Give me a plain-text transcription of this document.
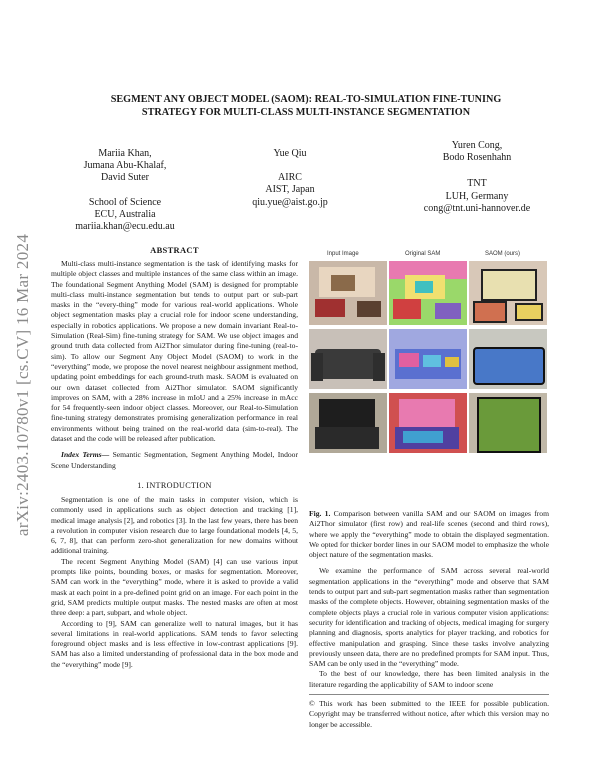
arXiv:2403.10780v1 [cs.CV] 16 Mar 2024
SEGMENT ANY OBJECT MODEL (SAOM): REAL-TO-SIMULATION FINE-TUNING
STRATEGY FOR MULTI-CLASS MULTI-INSTANCE SEGMENTATION
Mariia Khan,
Jumana Abu-Khalaf,
David Suter
School of Science
ECU, Australia
mariia.khan@ecu.edu.au
Yue Qiu
AIRC
AIST, Japan
qiu.yue@aist.go.jp
Yuren Cong,
Bodo Rosenhahn
TNT
LUH, Germany
cong@tnt.uni-hannover.de
ABSTRACT

Multi-class multi-instance segmentation is the task of identifying masks for multiple object classes and multiple instances of the same class within an image. The foundational Segment Anything Model (SAM) is designed for promptable multi-class multi-instance segmentation but tends to output part or sub-part masks in the “every-thing” mode for various real-world applications. Whole object segmentation masks play a crucial role for indoor scene understanding, especially in robotics applications. We propose a new domain invariant Real-to-Simulation (Real-Sim) fine-tuning strategy for SAM. We use object images and ground truth data collected from Ai2Thor simulator during fine-tuning (real-to-sim). To allow our Segment Any Object Model (SAOM) to work in the “everything” mode, we propose the novel nearest neighbour assignment method, updating point embeddings for each ground-truth mask. SAOM is evaluated on our own dataset collected from Ai2Thor simulator. SAOM significantly improves on SAM, with a 28% increase in mIoU and a 25% increase in mAcc for 54 frequently-seen indoor object classes. Moreover, our Real-to-Simulation fine-tuning strategy demonstrates promising generalization performance in real environments without being trained on the real-world data (sim-to-real). The dataset and the code will be released after publication.

Index Terms— Semantic Segmentation, Segment Anything Model, Indoor Scene Understanding

1. INTRODUCTION

Segmentation is one of the main tasks in computer vision, which is commonly used in applications such as object detection and tracking [1], medical image analysis [2], and robotics [3]. In the last few years, there has been a revolution in computer vision research due to large foundational models [4, 5, 6, 7, 8], that can perform zero-shot generalization for new domains without additional training.

The recent Segment Anything Model (SAM) [4] can use various input prompts like points, bounding boxes, or masks for segmentation. Moreover, SAM can work in the “everything” mode, where it is asked to provide a valid mask at each point in a pre-defined point grid on an image. For each point in the grid, SAM predicts multiple output masks. The nested masks are often at most three deep: a part, subpart, and whole object.

According to [9], SAM can generalize well to natural images, but it has several limitations in real-world applications. SAM tends to favor selecting foreground object masks and is less effective in low-contrast applications [9]. SAM has also a limited understanding of professional data in the box mode and the “everything” mode [9].

Input Image	Original SAM	SAOM (ours)

Fig. 1. Comparison between vanilla SAM and our SAOM on images from Ai2Thor simulator (first row) and real-life scenes (second and third rows), where we apply the “everything” mode to obtain the displayed segmentation. We opted for thicker border lines in our SAOM model to emphasize the whole object nature of the segmentation masks.

We examine the performance of SAM across several real-world segmentation applications in the “everything” mode and observe that SAM tends to output part and sub-part segmentation masks rather than segmentation masks of the complete objects. However, obtaining segmentation masks of the complete objects plays a crucial role in various computer vision applications: security for identification and tracking of objects, medical imaging for surgery planning and diagnosis, sports analytics for player tracking, and robotics for effective manipulation and grasping. Since these tasks involve analyzing previously unseen data, there are no predefined prompts for SAM input. Thus, SAM can be only used in the “everything” mode.

To the best of our knowledge, there has been limited analysis in the literature regarding the applicability of SAM to indoor scene

© This work has been submitted to the IEEE for possible publication. Copyright may be transferred without notice, after which this version may no longer be accessible.
